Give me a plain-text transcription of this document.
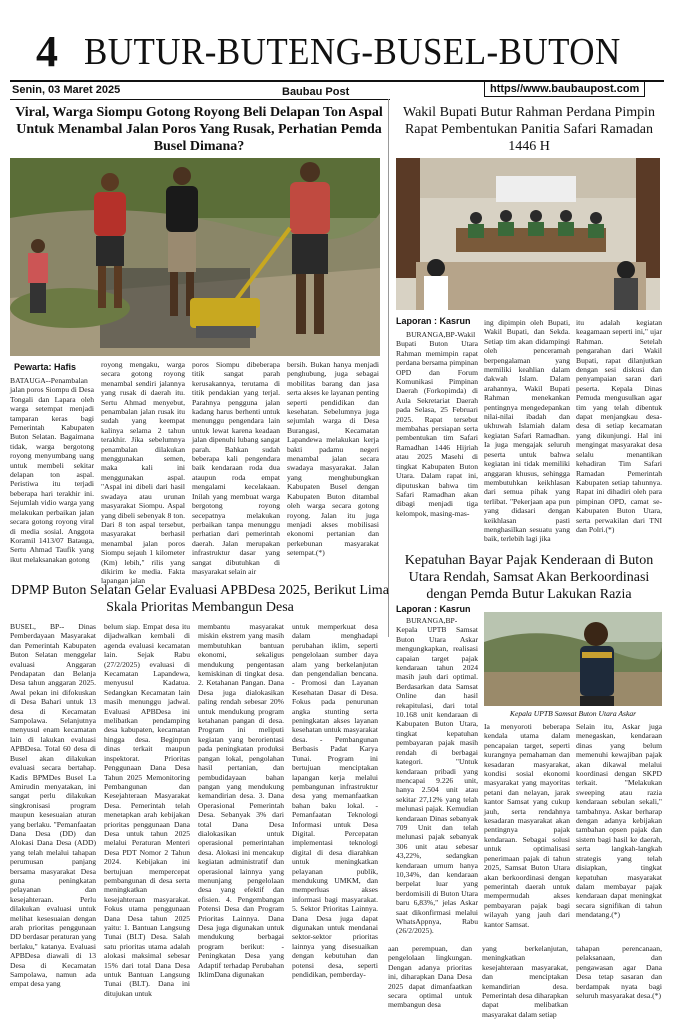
4 BUTUR-BUTENG-BUSEL-BUTON
Senin, 03 Maret 2025	Baubau Post	https//www.baubaupost.com
Viral, Warga Siompu Gotong Royong Beli Delapan Ton Aspal Untuk Menambal Jalan Poros Yang Rusak, Perhatian Pemda Busel Dimana?
Pewarta: Hafis
BATAUGA--Penambalan jalan poros Siompu di Desa Tongali dan Lapara oleh warga setempat menjadi tamparan keras bagi Pemerintah Kabupaten Buton Selatan. Bagaimana tidak, warga bergotong royong menyumbang uang untuk membeli sekitar delapan ton aspal. Peristiwa itu terjadi beberapa hari terakhir ini. Sejumlah vidio warga yang melakukan perbaikan jalan secara gotong royong viral di media sosial. Anggota Koramil 1413/07 Batauga, Sertu Ahmad Taufik yang ikut melaksanakan gotong
royong mengaku, warga secara gotong royong menambal sendiri jalannya yang rusak di daerah itu. Sertu Ahmad menyebut, penambalan jalan rusak itu sudah yang keempat kalinya selama 2 tahun terakhir. Jika sebelumnya penambalan dilakukan menggunakan semen, maka kali ini menggunakan aspal. "Aspal ini dibeli dari hasil swadaya atau urunan masyarakat Siompu. Aspal yang dibeli sebenyak 8 ton. Dari 8 ton aspal tersebut, masyarakat berhasil menambal jalan poros Siompu sejauh 1 kilometer (Km) lebih," rilis yang dikirim ke media. Fakta lapangan jalan
poros Siompu dibeberapa titik sangat parah kerusakannya, terutama di titik pendakian yang terjal. Parahnya pengguna jalan kadang harus berhenti untuk menunggu pengendara lain untuk lewat karena keadaan jalan dipenuhi lubang sangat parah. Bahkan sudah beberapa kali pengendara baik kendaraan roda dua ataupun roda empat mengalami kecelakaan. Inilah yang membuat warga bergotong royong secepatnya melakukan perbaikan tanpa menunggu perhatian dari pemerintah daerah. Jalan merupakan infrastruktur dasar yang sangat dibutuhkan di masyarakat selain air
bersih. Bukan hanya menjadi penghubung, juga sebagai mobilitas barang dan jasa serta akses ke layanan penting seperti pendidikan dan kesehatan. Sebelumnya juga sejumlah warga di Desa Burangasi, Kecamatan Lapandewa melakukan kerja bakti padamu negeri menambal jalan secara swadaya masyarakat. Jalan yang menghubungkan Kabupaten Busel dengan Kabupaten Buton ditambal oleh warga secara gotong royong. Jalan itu juga menjadi akses mobilisasi ekonomi pertanian dan perkebunan masyarakat setempat.(*)
Wakil Bupati Butur Rahman Perdana Pimpin Rapat Pembentukan Panitia Safari Ramadan 1446 H
Laporan : Kasrun
BURANGA,BP-Wakil Bupati Buton Utara Rahman memimpin rapat perdana bersama pimpinan OPD dan Forum Komunikasi Pimpinan Daerah (Forkopimda) di Aula Sekretariat Daerah pada Selasa, 25 Februari 2025. Rapat tersebut membahas persiapan serta pembentukan tim Safari Ramadhan 1446 Hijriah atau 2025 Masehi di tingkat Kabupaten Buton Utara. Dalam rapat ini, diputuskan bahwa tim Safari Ramadhan akan dibagi menjadi tiga kelompok, masing-mas-
ing dipimpin oleh Bupati, Wakil Bupati, dan Sekda. Setiap tim akan didampingi oleh penceramah berpengalaman yang memiliki keahlian dalam dakwah Islam. Dalam arahannya, Wakil Bupati Rahman menekankan pentingnya mengedepankan nilai-nilai ibadah dan ukhuwah Islamiah dalam kegiatan Safari Ramadhan. Ia juga mengajak seluruh peserta untuk bahwa kegiatan ini tidak memiliki anggaran khusus, sehingga membutuhkan keikhlasan dari semua pihak yang terlibat. "Pekerjaan apa pun yang didasari dengan keikhlasan pasti menghasilkan sesuatu yang baik, terlebih lagi jika
itu adalah kegiatan keagamaan seperti ini," ujar Rahman. Setelah pengarahan dari Wakil Bupati, rapat dilanjutkan dengan sesi diskusi dan penyampaian saran dari peserta. Kepala Dinas Pemuda mengusulkan agar tim yang telah dibentuk dapat menjangkau desa-desa di setiap kecamatan yang dikunjungi. Hal ini mengingat masyarakat desa selalu menantikan kehadiran Tim Safari Ramadan Pemerintah Kabupaten setiap tahunnya. Rapat ini dihadiri oleh para pimpinan OPD, camat se-Kabupaten Buton Utara, serta perwakilan dari TNI dan Polri.(*)
Kepatuhan Bayar Pajak Kenderaan di Buton Utara Rendah, Samsat Akan Berkoordinasi dengan Pemda Butur Lakukan Razia
Laporan : Kasrun
BURANGA,BP-Kepala UPTB Samsat Buton Utara Askar mengungkapkan, realisasi capaian target pajak kendaraan tahun 2024 masih jauh dari optimal. Berdasarkan data Samsat Online dan hasil rekapitulasi, dari total 10.168 unit kendaraan di Kabupaten Buton Utara, tingkat kepatuhan pembayaran pajak masih rendah di berbagai kategori. "Untuk kendaraan pribadi yang mencapai 9.226 unit, hanya 2.504 unit atau sekitar 27,12% yang telah melunasi pajak. Kemudian kendaraan Dinas sebanyak 709 Unit dan telah melunasi pajak sebanyak 306 unit atau sebesar 43,22%, sedangkan kendaraan umum hanya 10,34%, dan kendaraan berpelat luar yang berdomisili di Buton Utara baru 6,83%," jelas Askar saat dikonfirmasi melalui WhatsAppnya, Rabu (26/2/2025).
Kepala UPTB Samsat Buton Utara Askar
Ia menyoroti beberapa kendala utama dalam pencapaian target, seperti kurangnya pemahaman dan kesadaran masyarakat, kondisi sosial ekonomi masyarakat yang mayoritas petani dan nelayan, jarak kantor Samsat yang cukup jauh, serta rendahnya kesadaran masyarakat akan pentingnya pajak kendaraan. Sebagai solusi untuk optimalisasi penerimaan pajak di tahun 2025, Samsat Buton Utara akan berkoordinasi dengan pemerintah daerah untuk mempermudah akses pembayaran pajak bagi wilayah yang jauh dari kantor Samsat.
Selain itu, Askar juga menegaskan, kendaraan dinas yang belum memenuhi kewajiban pajak akan dikawal melalui koordinasi dengan SKPD terkait. "Melakukan sweeping atau razia kendaraan sebulan sekali," tambahnya. Askar berharap dengan adanya kebijakan tambahan opsen pajak dan sistem bagi hasil ke daerah, serta langkah-langkah strategis yang telah disiapkan, tingkat kepatuhan masyarakat dalam membayar pajak kendaraan dapat meningkat secara signifikan di tahun mendatang.(*)
DPMP Buton Selatan Gelar Evaluasi APBDesa 2025, Berikut Lima Skala Prioritas Membangun Desa
BUSEL, BP-- Dinas Pemberdayaan Masyarakat dan Pemerintah Kabupaten Buton Selatan menggelar evaluasi Anggaran Pendapatan dan Belanja Desa tahun anggaran 2025. Awal pekan ini difokuskan di Desa Bahari untuk 13 desa di Kecamatan Sampolawa. Selanjutnya menyusul enam kecamatan lain di lakukan evaluasi APBDesa. Total 60 desa di Busel akan dilakukan evaluasi secara bertahap. Kadis BPMDes Busel La Amirudin menyatakan, ini sangat perlu dilakukan singkronisasi program maupun kesesuaian aturan yang berlaku. "Pemanfaatan Dana Desa (DD) dan Alokasi Dana Desa (ADD) yang telah melalui tahapan perumusan panjang bersama masyarakat Desa guna peningkatan pelayanan dan kesejahteraan. Perlu dilakukan evaluasi untuk melihat kesesuaian dengan arah prioritas penggunaan DD berdasar peraturan yang berlaku," katanya. Evaluasi APBDesa diawali di 13 Desa di Kecamatan Sampolawa, namun ada empat desa yang
belum siap. Empat desa itu dijadwalkan kembali di agenda evaluasi kecamatan lain. Sejak Rabu (27/2/2025) evaluasi di Kecamatan Lapandewa, menyusul Kadatua. Sedangkan Kecamatan lain masih menunggu jadwal. Evaluasi APBDesa ini melibatkan pendamping desa kabupaten, kecamatan hingga desa. Beginpun dinas terkait maupun inspektorat. Prioritas Penggunaan Dana Desa Tahun 2025 Memonitoring Pembangunan dan Kesejahteraan Masyarakat Desa. Pemerintah telah menetapkan arah kebijakan prioritas penggunaan Dana Desa untuk tahun 2025 melalui Peraturan Menteri Desa PDT Nomor 2 Tahun 2024. Kebijakan ini bertujuan mempercepat pembangunan di desa serta meningkatkan kesejahteraan masyarakat. Fokus utama penggunaan Dana Desa tahun 2025 yaitu: 1. Bantuan Langsung Tunai (BLT) Desa. Salah satu prioritas utama adalah alokasi maksimal sebesar 15% dari total Dana Desa untuk Bantuan Langsung Tunai (BLT). Dana ini ditujukan untuk
membantu masyarakat miskin ekstrem yang masih membutuhkan bantuan ekonomi, sekaligus mendukung pengentasan kemiskinan di tingkat desa. 2. Ketahanan Pangan. Dana Desa juga dialokasikan paling rendah sebesar 20% untuk mendukung program ketahanan pangan di desa. Program ini meliputi kegiatan yang berorientasi pada peningkatan produksi pangan lokal, pengolahan hasil pertanian, dan pembudidayaan bahan pangan yang mendukung kemandirian desa. 3. Dana Operasional Pemerintah Desa. Sebanyak 3% dari total Dana Desa dialokasikan untuk operasional pemerintahan desa. Alokasi ini mencakup kegiatan administratif dan operasional lainnya yang menunjang pengelolaan desa yang efektif dan efisien. 4. Pengembangan Potensi Desa dan Program Prioritas Lainnya. Dana Desa juga digunakan untuk mendukung berbagai program berikut: - Peningkatan Desa yang Adaptif terhadap Perubahan IklimDana digunakan
untuk memperkuat desa dalam menghadapi perubahan iklim, seperti pengelolaan sumber daya alam yang berkelanjutan dan pengendalian bencana. - Promosi dan Layanan Kesehatan Dasar di Desa. Fokus pada penurunan angka stunting serta peningkatan akses layanan kesehatan untuk masyarakat desa. - Pembangunan Berbasis Padat Karya Tunai. Program ini bertujuan menciptakan lapangan kerja melalui pembangunan infrastruktur desa yang memanfaatkan bahan baku lokal. - Pemanfaatan Teknologi Informasi untuk Desa Digital. Percepatan implementasi teknologi digital di desa diarahkan untuk meningkatkan pelayanan publik, mendukung UMKM, dan memperluas akses informasi bagi masyarakat. 5. Sektor Prioritas Lainnya. Dana Desa juga dapat digunakan untuk mendanai sektor-sektor prioritas lainnya yang disesuaikan dengan kebutuhan dan potensi desa, seperti pendidikan, pemberday-
aan perempuan, dan pengelolaan lingkungan. Dengan adanya prioritas ini, diharapkan Dana Desa 2025 dapat dimanfaatkan secara optimal untuk membangun desa
yang berkelanjutan, meningkatkan kesejahteraan masyarakat, dan menciptakan kemandirian desa. Pemerintah desa diharapkan dapat melibatkan masyarakat dalam setiap
tahapan perencanaan, pelaksanaan, dan pengawasan agar Dana Desa tetap sasaran dan berdampak nyata bagi seluruh masyarakat desa.(*)
